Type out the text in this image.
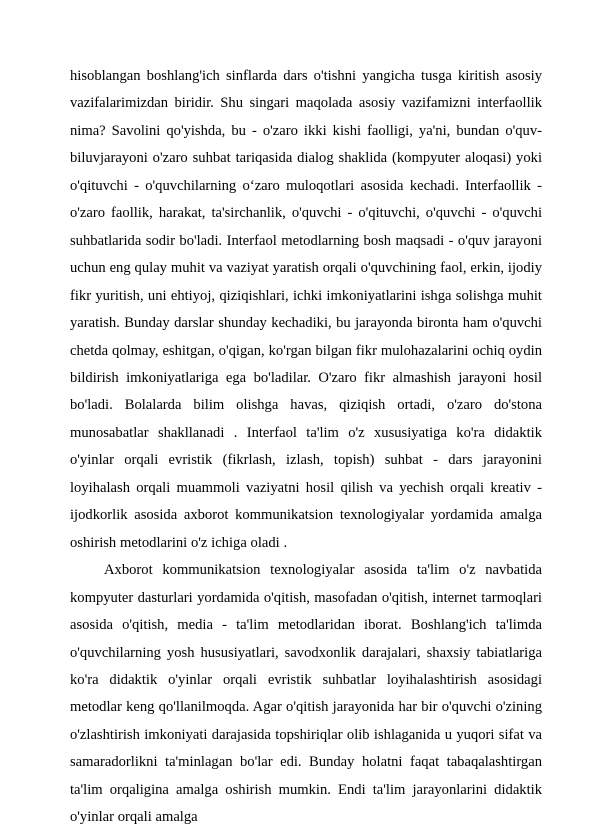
hisoblangan boshlang'ich sinflarda dars o'tishni yangicha tusga kiritish asosiy vazifalarimizdan biridir. Shu singari maqolada asosiy vazifamizni interfaollik nima? Savolini qo'yishda, bu - o'zaro ikki kishi faolligi, ya'ni, bundan o'quv-biluvjarayoni o'zaro suhbat tariqasida dialog shaklida (kompyuter aloqasi) yoki o'qituvchi - o'quvchilarning oʻzaro muloqotlari asosida kechadi. Interfaollik - o'zaro faollik, harakat, ta'sirchanlik, o'quvchi - o'qituvchi, o'quvchi - o'quvchi suhbatlarida sodir bo'ladi. Interfaol metodlarning bosh maqsadi - o'quv jarayoni uchun eng qulay muhit va vaziyat yaratish orqali o'quvchining faol, erkin, ijodiy fikr yuritish, uni ehtiyoj, qiziqishlari, ichki imkoniyatlarini ishga solishga muhit yaratish. Bunday darslar shunday kechadiki, bu jarayonda bironta ham o'quvchi chetda qolmay, eshitgan, o'qigan, ko'rgan bilgan fikr mulohazalarini ochiq oydin bildirish imkoniyatlariga ega bo'ladilar. O'zaro fikr almashish jarayoni hosil bo'ladi. Bolalarda bilim olishga havas, qiziqish ortadi, o'zaro do'stona munosabatlar shakllanadi . Interfaol ta'lim o'z xususiyatiga ko'ra didaktik o'yinlar orqali evristik (fikrlash, izlash, topish) suhbat - dars jarayonini loyihalash orqali muammoli vaziyatni hosil qilish va yechish orqali kreativ - ijodkorlik asosida axborot kommunikatsion texnologiyalar yordamida amalga oshirish metodlarini o'z ichiga oladi .

Axborot kommunikatsion texnologiyalar asosida ta'lim o'z navbatida kompyuter dasturlari yordamida o'qitish, masofadan o'qitish, internet tarmoqlari asosida o'qitish, media - ta'lim metodlaridan iborat. Boshlang'ich ta'limda o'quvchilarning yosh hususiyatlari, savodxonlik darajalari, shaxsiy tabiatlariga ko'ra didaktik o'yinlar orqali evristik suhbatlar loyihalashtirish asosidagi metodlar keng qo'llanilmoqda. Agar o'qitish jarayonida har bir o'quvchi o'zining o'zlashtirish imkoniyati darajasida topshiriqlar olib ishlaganida u yuqori sifat va samaradorlikni ta'minlagan bo'lar edi. Bunday holatni faqat tabaqalashtirgan ta'lim orqaligina amalga oshirish mumkin. Endi ta'lim jarayonlarini didaktik o'yinlar orqali amalga
